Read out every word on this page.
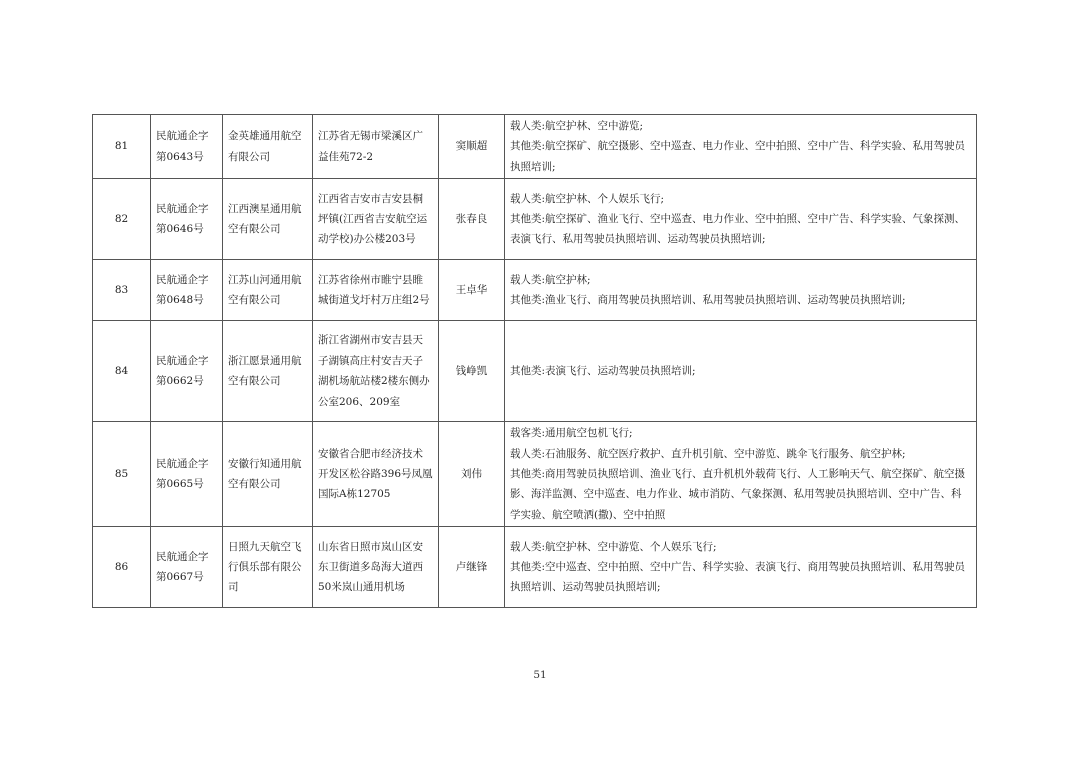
81	民航通企字第0643号	金英雄通用航空有限公司	江苏省无锡市梁溪区广益佳苑72-2	窦顺超	载人类:航空护林、空中游览;
其他类:航空探矿、航空摄影、空中巡查、电力作业、空中拍照、空中广告、科学实验、私用驾驶员执照培训;
82	民航通企字第0646号	江西澳星通用航空有限公司	江西省吉安市吉安县桐坪镇(江西省吉安航空运动学校)办公楼203号	张春良	载人类:航空护林、个人娱乐飞行;
其他类:航空探矿、渔业飞行、空中巡查、电力作业、空中拍照、空中广告、科学实验、气象探测、表演飞行、私用驾驶员执照培训、运动驾驶员执照培训;
83	民航通企字第0648号	江苏山河通用航空有限公司	江苏省徐州市睢宁县睢城街道戈圩村万庄组2号	王卓华	载人类:航空护林;
其他类:渔业飞行、商用驾驶员执照培训、私用驾驶员执照培训、运动驾驶员执照培训;

84	民航通企字第0662号	浙江愿景通用航空有限公司	浙江省湖州市安吉县天子湖镇高庄村安吉天子湖机场航站楼2楼东侧办公室206、209室	钱峥凯	其他类:表演飞行、运动驾驶员执照培训;

85	民航通企字第0665号	安徽行知通用航空有限公司	安徽省合肥市经济技术开发区松谷路396号凤凰国际A栋12705	刘伟	载客类:通用航空包机飞行;
载人类:石油服务、航空医疗救护、直升机引航、空中游览、跳伞飞行服务、航空护林;
其他类:商用驾驶员执照培训、渔业飞行、直升机机外载荷飞行、人工影响天气、航空探矿、航空摄影、海洋监测、空中巡查、电力作业、城市消防、气象探测、私用驾驶员执照培训、空中广告、科学实验、航空喷洒(撒)、空中拍照
86	民航通企字第0667号	日照九天航空飞行俱乐部有限公司	山东省日照市岚山区安东卫街道多岛海大道西50米岚山通用机场	卢继锋	载人类:航空护林、空中游览、个人娱乐飞行;
其他类:空中巡查、空中拍照、空中广告、科学实验、表演飞行、商用驾驶员执照培训、私用驾驶员执照培训、运动驾驶员执照培训;
51
